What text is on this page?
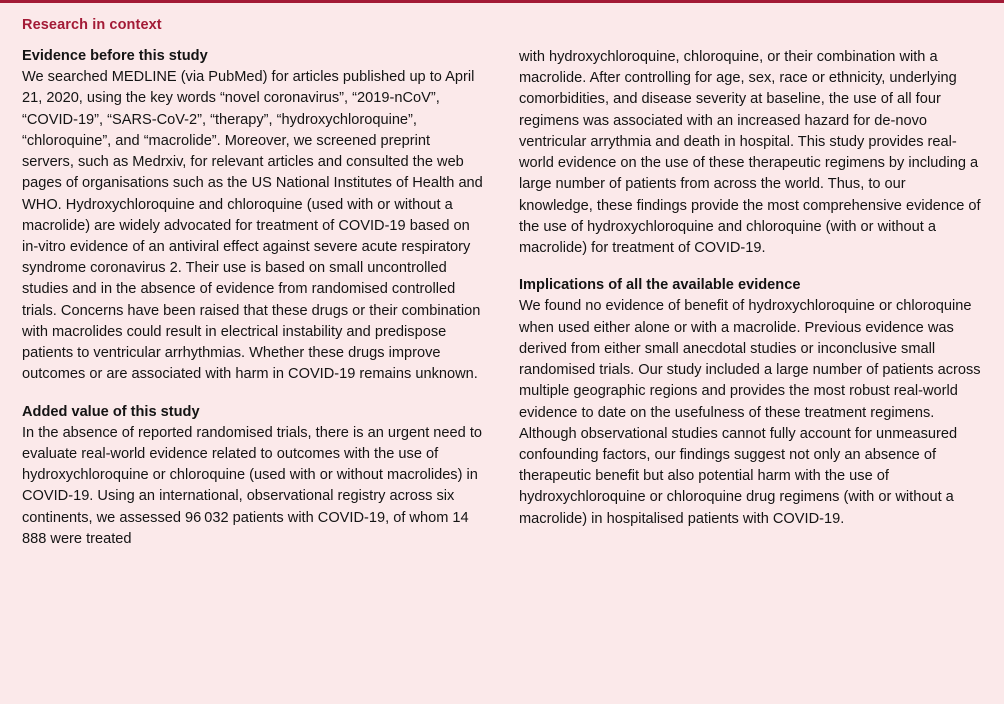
Research in context
Evidence before this study

We searched MEDLINE (via PubMed) for articles published up to April 21, 2020, using the key words “novel coronavirus”, “2019-nCoV”, “COVID-19”, “SARS-CoV-2”, “therapy”, “hydroxychloroquine”, “chloroquine”, and “macrolide”. Moreover, we screened preprint servers, such as Medrxiv, for relevant articles and consulted the web pages of organisations such as the US National Institutes of Health and WHO. Hydroxychloroquine and chloroquine (used with or without a macrolide) are widely advocated for treatment of COVID-19 based on in-vitro evidence of an antiviral effect against severe acute respiratory syndrome coronavirus 2. Their use is based on small uncontrolled studies and in the absence of evidence from randomised controlled trials. Concerns have been raised that these drugs or their combination with macrolides could result in electrical instability and predispose patients to ventricular arrhythmias. Whether these drugs improve outcomes or are associated with harm in COVID-19 remains unknown.

Added value of this study

In the absence of reported randomised trials, there is an urgent need to evaluate real-world evidence related to outcomes with the use of hydroxychloroquine or chloroquine (used with or without macrolides) in COVID-19. Using an international, observational registry across six continents, we assessed 96 032 patients with COVID-19, of whom 14 888 were treated

with hydroxychloroquine, chloroquine, or their combination with a macrolide. After controlling for age, sex, race or ethnicity, underlying comorbidities, and disease severity at baseline, the use of all four regimens was associated with an increased hazard for de-novo ventricular arrythmia and death in hospital. This study provides real-world evidence on the use of these therapeutic regimens by including a large number of patients from across the world. Thus, to our knowledge, these findings provide the most comprehensive evidence of the use of hydroxychloroquine and chloroquine (with or without a macrolide) for treatment of COVID-19.

Implications of all the available evidence

We found no evidence of benefit of hydroxychloroquine or chloroquine when used either alone or with a macrolide. Previous evidence was derived from either small anecdotal studies or inconclusive small randomised trials. Our study included a large number of patients across multiple geographic regions and provides the most robust real-world evidence to date on the usefulness of these treatment regimens. Although observational studies cannot fully account for unmeasured confounding factors, our findings suggest not only an absence of therapeutic benefit but also potential harm with the use of hydroxychloroquine or chloroquine drug regimens (with or without a macrolide) in hospitalised patients with COVID-19.
